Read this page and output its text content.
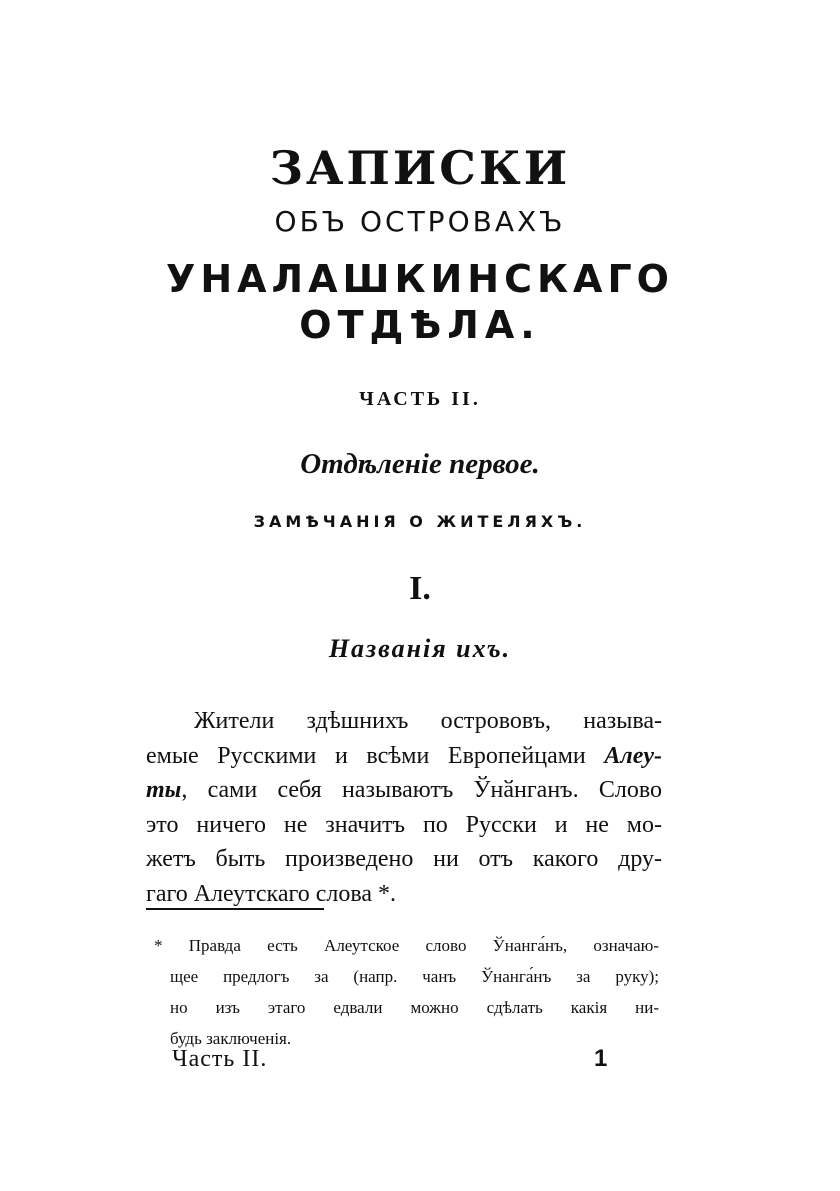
ЗАПИСКИ
ОБЪ ОСТРОВАХЪ
УНАЛАШКИНСКАГО
ОТДѢЛА.
ЧАСТЬ II.
Отдѣленіе первое.
ЗАМѢЧАНІЯ О ЖИТЕЛЯХЪ.
I.
Названія ихъ.
Жители здѣшнихъ острововъ, называ-
емые Русскими и всѣми Европейцами Алеу-
ты, сами себя называютъ Ўнӑнганъ. Слово
это ничего не значитъ по Русски и не мо-
жетъ быть произведено ни отъ какого дру-
гаго Алеутскаго слова *.
* Правда есть Алеутское слово Ўнанга́нъ, означаю-
щее предлогъ за (напр. чанъ Ўнанга́нъ за руку);
но изъ этаго едвали можно сдѣлать какія ни-
будь заключенія.
Часть II.	1
